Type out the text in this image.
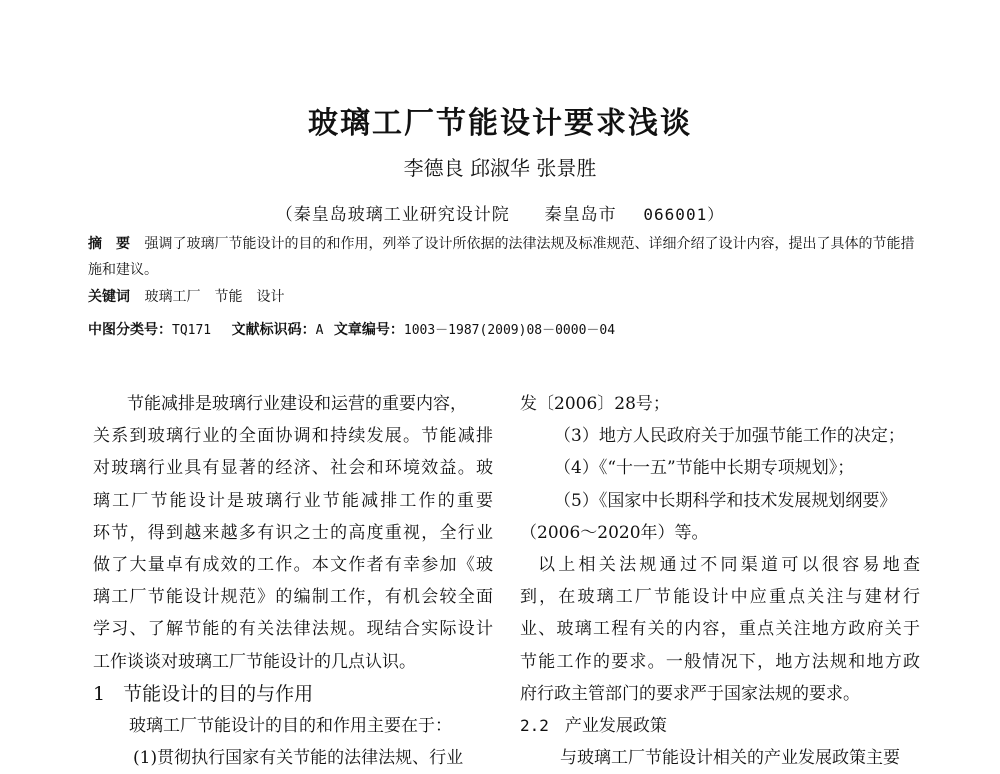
玻璃工厂节能设计要求浅谈
李德良 邱淑华 张景胜
（秦皇岛玻璃工业研究设计院 秦皇岛市 066001）
摘　要 强调了玻璃厂节能设计的目的和作用，列举了设计所依据的法律法规及标准规范、详细介绍了设计内容，提出了具体的节能措施和建议。
关键词 玻璃工厂　节能　设计
中图分类号：TQ171 文献标识码：A 文章编号：1003－1987(2009)08－0000－04
节能减排是玻璃行业建设和运营的重要内容，
关系到玻璃行业的全面协调和持续发展。节能减排
对玻璃行业具有显著的经济、社会和环境效益。玻
璃工厂节能设计是玻璃行业节能减排工作的重要
环节，得到越来越多有识之士的高度重视，全行业
做了大量卓有成效的工作。本文作者有幸参加《玻
璃工厂节能设计规范》的编制工作，有机会较全面
学习、了解节能的有关法律法规。现结合实际设计
工作谈谈对玻璃工厂节能设计的几点认识。
1 节能设计的目的与作用
玻璃工厂节能设计的目的和作用主要在于：
(1)贯彻执行国家有关节能的法律法规、行业
发〔2006〕28号；
（3）地方人民政府关于加强节能工作的决定；
（4）《“十一五”节能中长期专项规划》；
（5）《国家中长期科学和技术发展规划纲要》
（2006～2020年）等。
以上相关法规通过不同渠道可以很容易地查
到，在玻璃工厂节能设计中应重点关注与建材行
业、玻璃工程有关的内容，重点关注地方政府关于
节能工作的要求。一般情况下，地方法规和地方政
府行政主管部门的要求严于国家法规的要求。
2.2 产业发展政策
与玻璃工厂节能设计相关的产业发展政策主要
